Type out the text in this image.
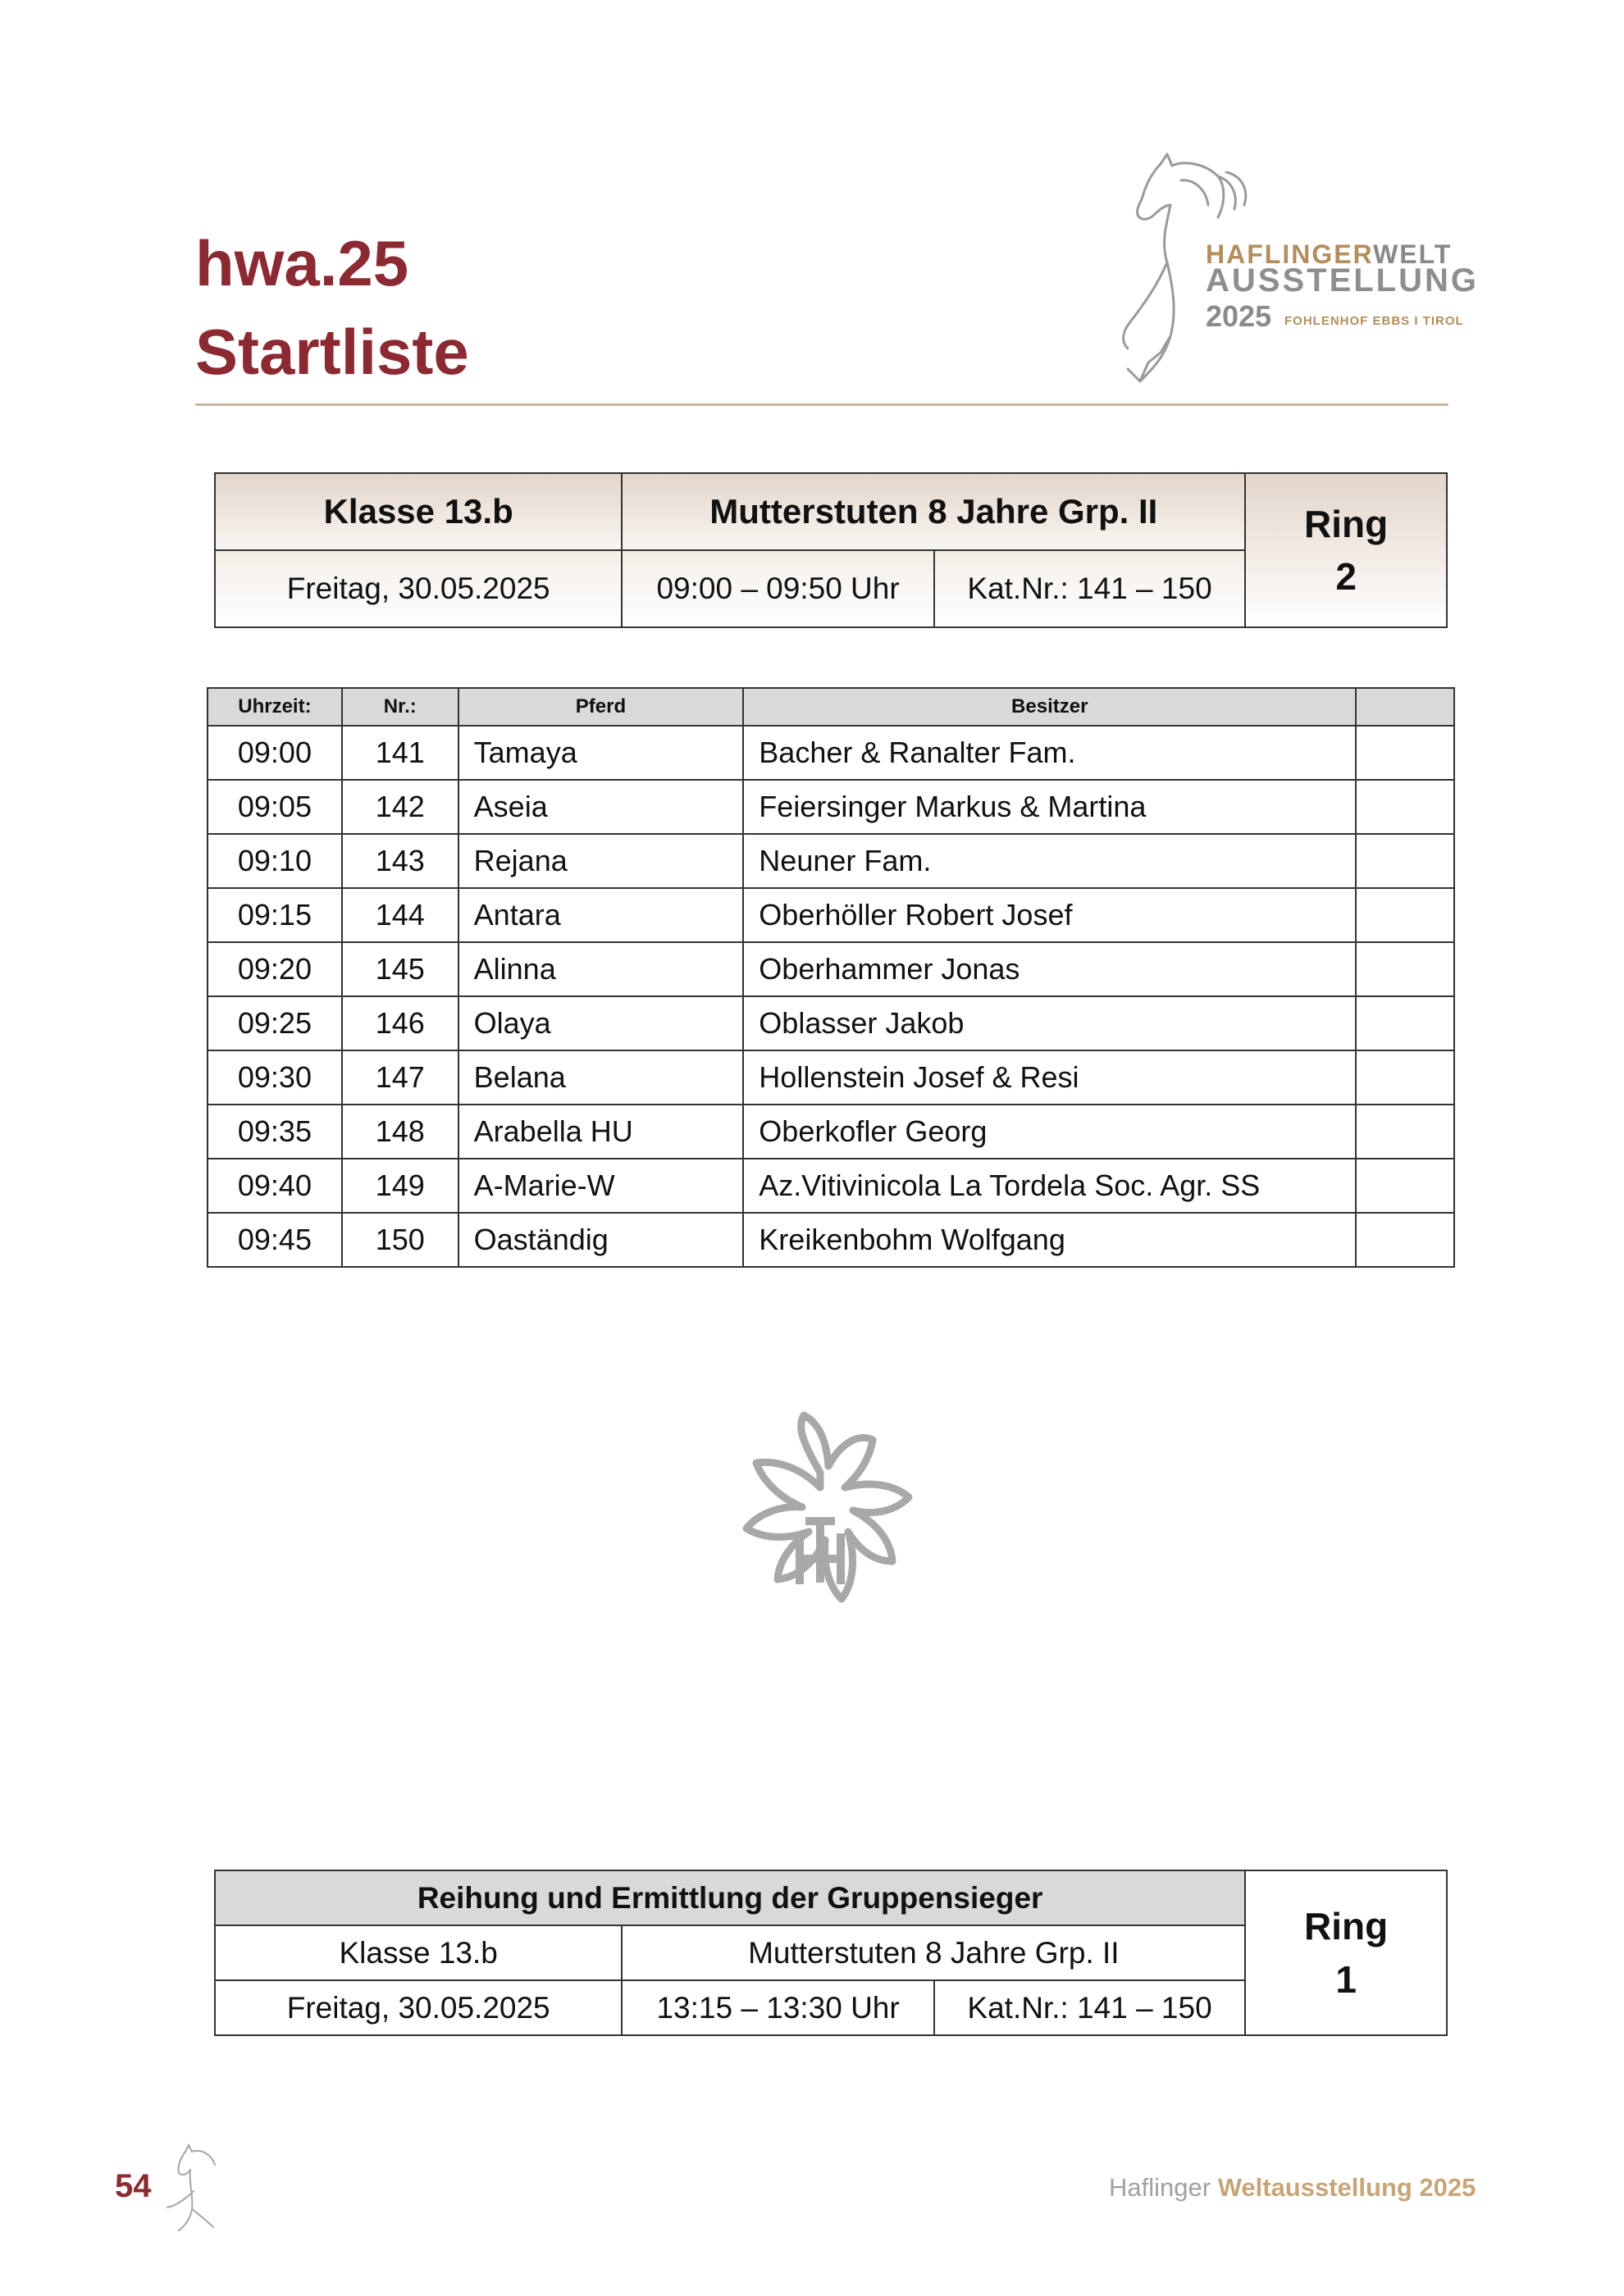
hwa.25
Startliste
HAFLINGERWELT
AUSSTELLUNG
2025 FOHLENHOF EBBS I TIROL
Klasse 13.b	Mutterstuten 8 Jahre Grp. II		Ring
2

Freitag, 30.05.2025	09:00 – 09:50 Uhr	Kat.Nr.: 141 – 150	
Uhrzeit:	Nr.:	Pferd	Besitzer	
09:00	141	Tamaya	Bacher & Ranalter Fam.	
09:05	142	Aseia	Feiersinger Markus & Martina	
09:10	143	Rejana	Neuner Fam.	
09:15	144	Antara	Oberhöller Robert Josef	
09:20	145	Alinna	Oberhammer Jonas	
09:25	146	Olaya	Oblasser Jakob	
09:30	147	Belana	Hollenstein Josef & Resi	
09:35	148	Arabella HU	Oberkofler Georg	
09:40	149	A-Marie-W	Az.Vitivinicola La Tordela Soc. Agr. SS	
09:45	150	Oaständig	Kreikenbohm Wolfgang	
Reihung und Ermittlung der Gruppensieger			Ring
1

Klasse 13.b	Mutterstuten 8 Jahre Grp. II		
Freitag, 30.05.2025	13:15 – 13:30 Uhr	Kat.Nr.: 141 – 150	
54	Haflinger Weltausstellung 2025
